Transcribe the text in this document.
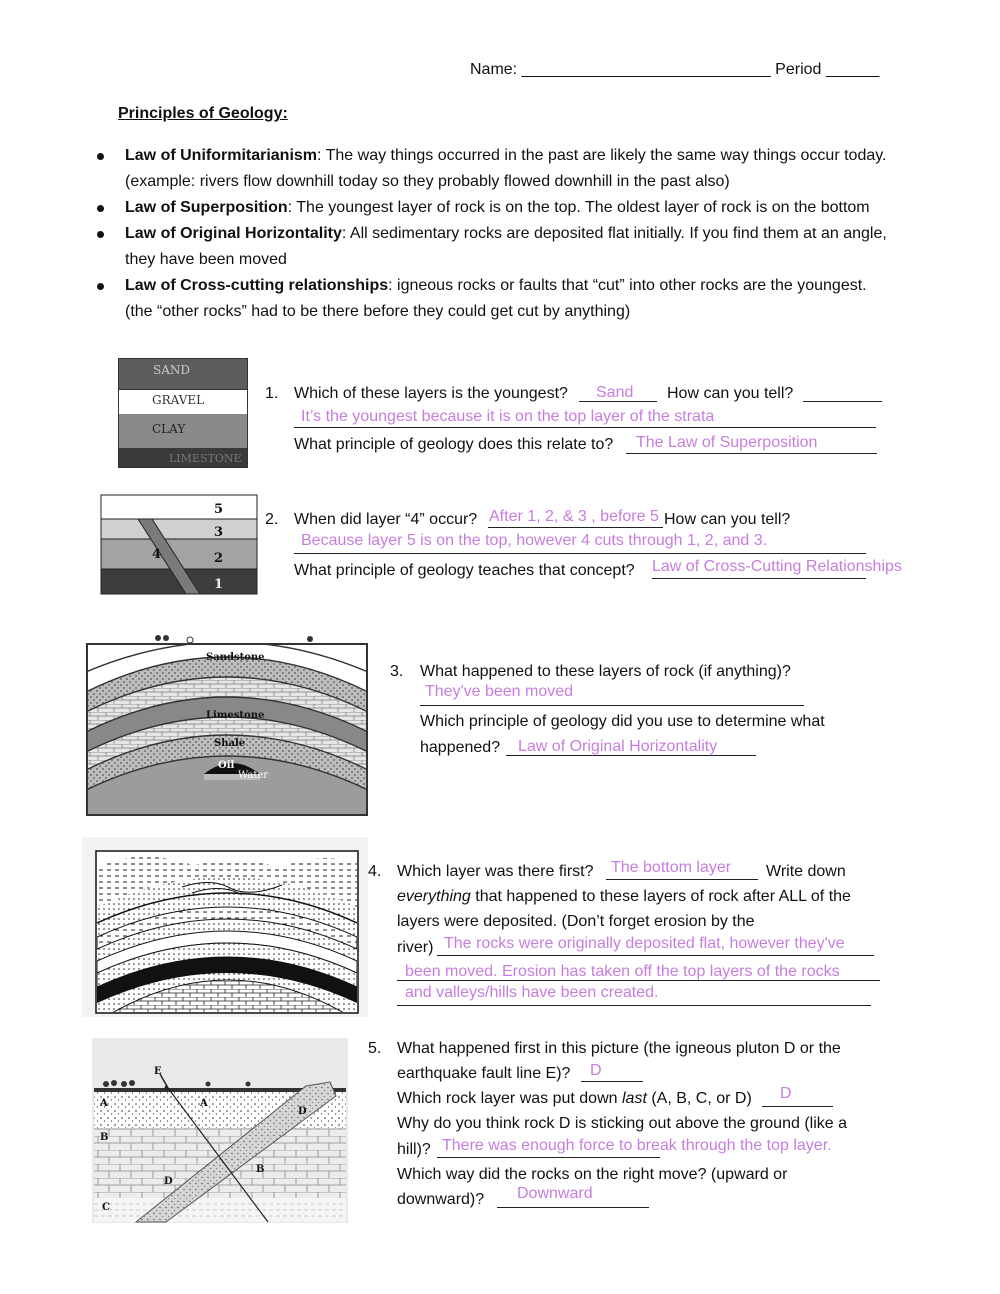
Name: ____________________________ Period ______
Principles of Geology:
Law of Uniformitarianism: The way things occurred in the past are likely the same way things occur today.
(example: rivers flow downhill today so they probably flowed downhill in the past also)
Law of Superposition: The youngest layer of rock is on the top. The oldest layer of rock is on the bottom
Law of Original Horizontality: All sedimentary rocks are deposited flat initially. If you find them at an angle,
they have been moved
Law of Cross-cutting relationships: igneous rocks or faults that “cut” into other rocks are the youngest.
(the “other rocks” had to be there before they could get cut by anything)
SAND
GRAVEL
CLAY
LIMESTONE
1. Which of these layers is the youngest? Sand How can you tell?
It’s the youngest because it is on the top layer of the strata
What principle of geology does this relate to? The Law of Superposition
5
3
4	2
1
2. When did layer “4” occur? After 1, 2, & 3 , before 5 How can you tell?
Because layer 5 is on the top, however 4 cuts through 1, 2, and 3.
What principle of geology teaches that concept? Law of Cross-Cutting Relationships
Sandstone
Limestone
Shale
Oil
Water
3. What happened to these layers of rock (if anything)?
They've been moved
Which principle of geology did you use to determine what
happened? Law of Original Horizontality
4. Which layer was there first? The bottom layer Write down
everything that happened to these layers of rock after ALL of the
layers were deposited. (Don’t forget erosion by the
river) The rocks were originally deposited flat, however they've
been moved. Erosion has taken off the top layers of the rocks
and valleys/hills have been created.
E
A	A
D
B
B
D
C
5. What happened first in this picture (the igneous pluton D or the
earthquake fault line E)? D
Which rock layer was put down last (A, B, C, or D) D
Why do you think rock D is sticking out above the ground (like a
hill)? There was enough force to break through the top layer.
Which way did the rocks on the right move? (upward or
downward)? Downward
